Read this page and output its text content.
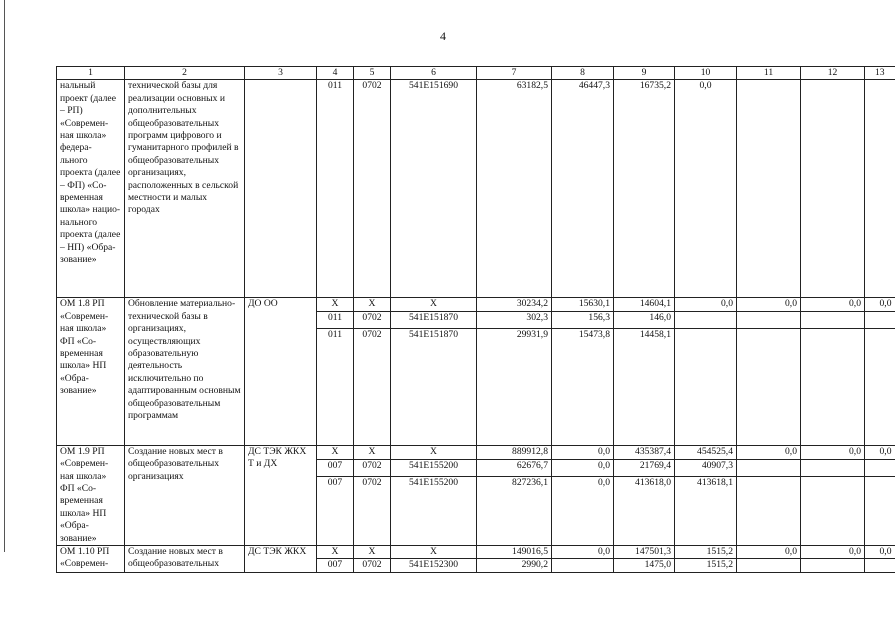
4
1	2	3	4	5	6	7	8	9	10	11	12	13
нальный проект (далее – РП) «Современ- ная школа» федера- льного проекта (далее – ФП) «Со- временная школа» нацио- нального проекта (далее – НП) «Обра- зование»	технической базы для реализации основных и дополнительных общеобразовательных программ цифрового и гуманитарного профилей в общеобразовательных организациях, расположенных в сельской местности и малых городах		011	0702	541E151690	63182,5	46447,3	16735,2	0,0			
ОМ 1.8 РП «Современ- ная школа» ФП «Со- временная школа» НП «Обра- зование»	Обновление материально- технической базы в организациях, осуществляющих образовательную деятельность исключительно по адаптированным основным общеобразовательным программам	ДО ОО	X	X	X	30234,2	15630,1	14604,1	0,0	0,0	0,0	0,0
			011	0702	541E151870	302,3	156,3	146,0				
			011	0702	541E151870	29931,9	15473,8	14458,1				
ОМ 1.9 РП «Современ- ная школа» ФП «Со- временная школа» НП «Обра- зование»	Создание новых мест в общеобразовательных организациях	ДС ТЭК ЖКХ Т и ДХ	X	X	X	889912,8	0,0	435387,4	454525,4	0,0	0,0	0,0
			007	0702	541E155200	62676,7	0,0	21769,4	40907,3			
			007	0702	541E155200	827236,1	0,0	413618,0	413618,1			
ОМ 1.10 РП «Современ-	Создание новых мест в общеобразовательных	ДС ТЭК ЖКХ	X	X	X	149016,5	0,0	147501,3	1515,2	0,0	0,0	0,0
			007	0702	541E152300	2990,2		1475,0	1515,2			
